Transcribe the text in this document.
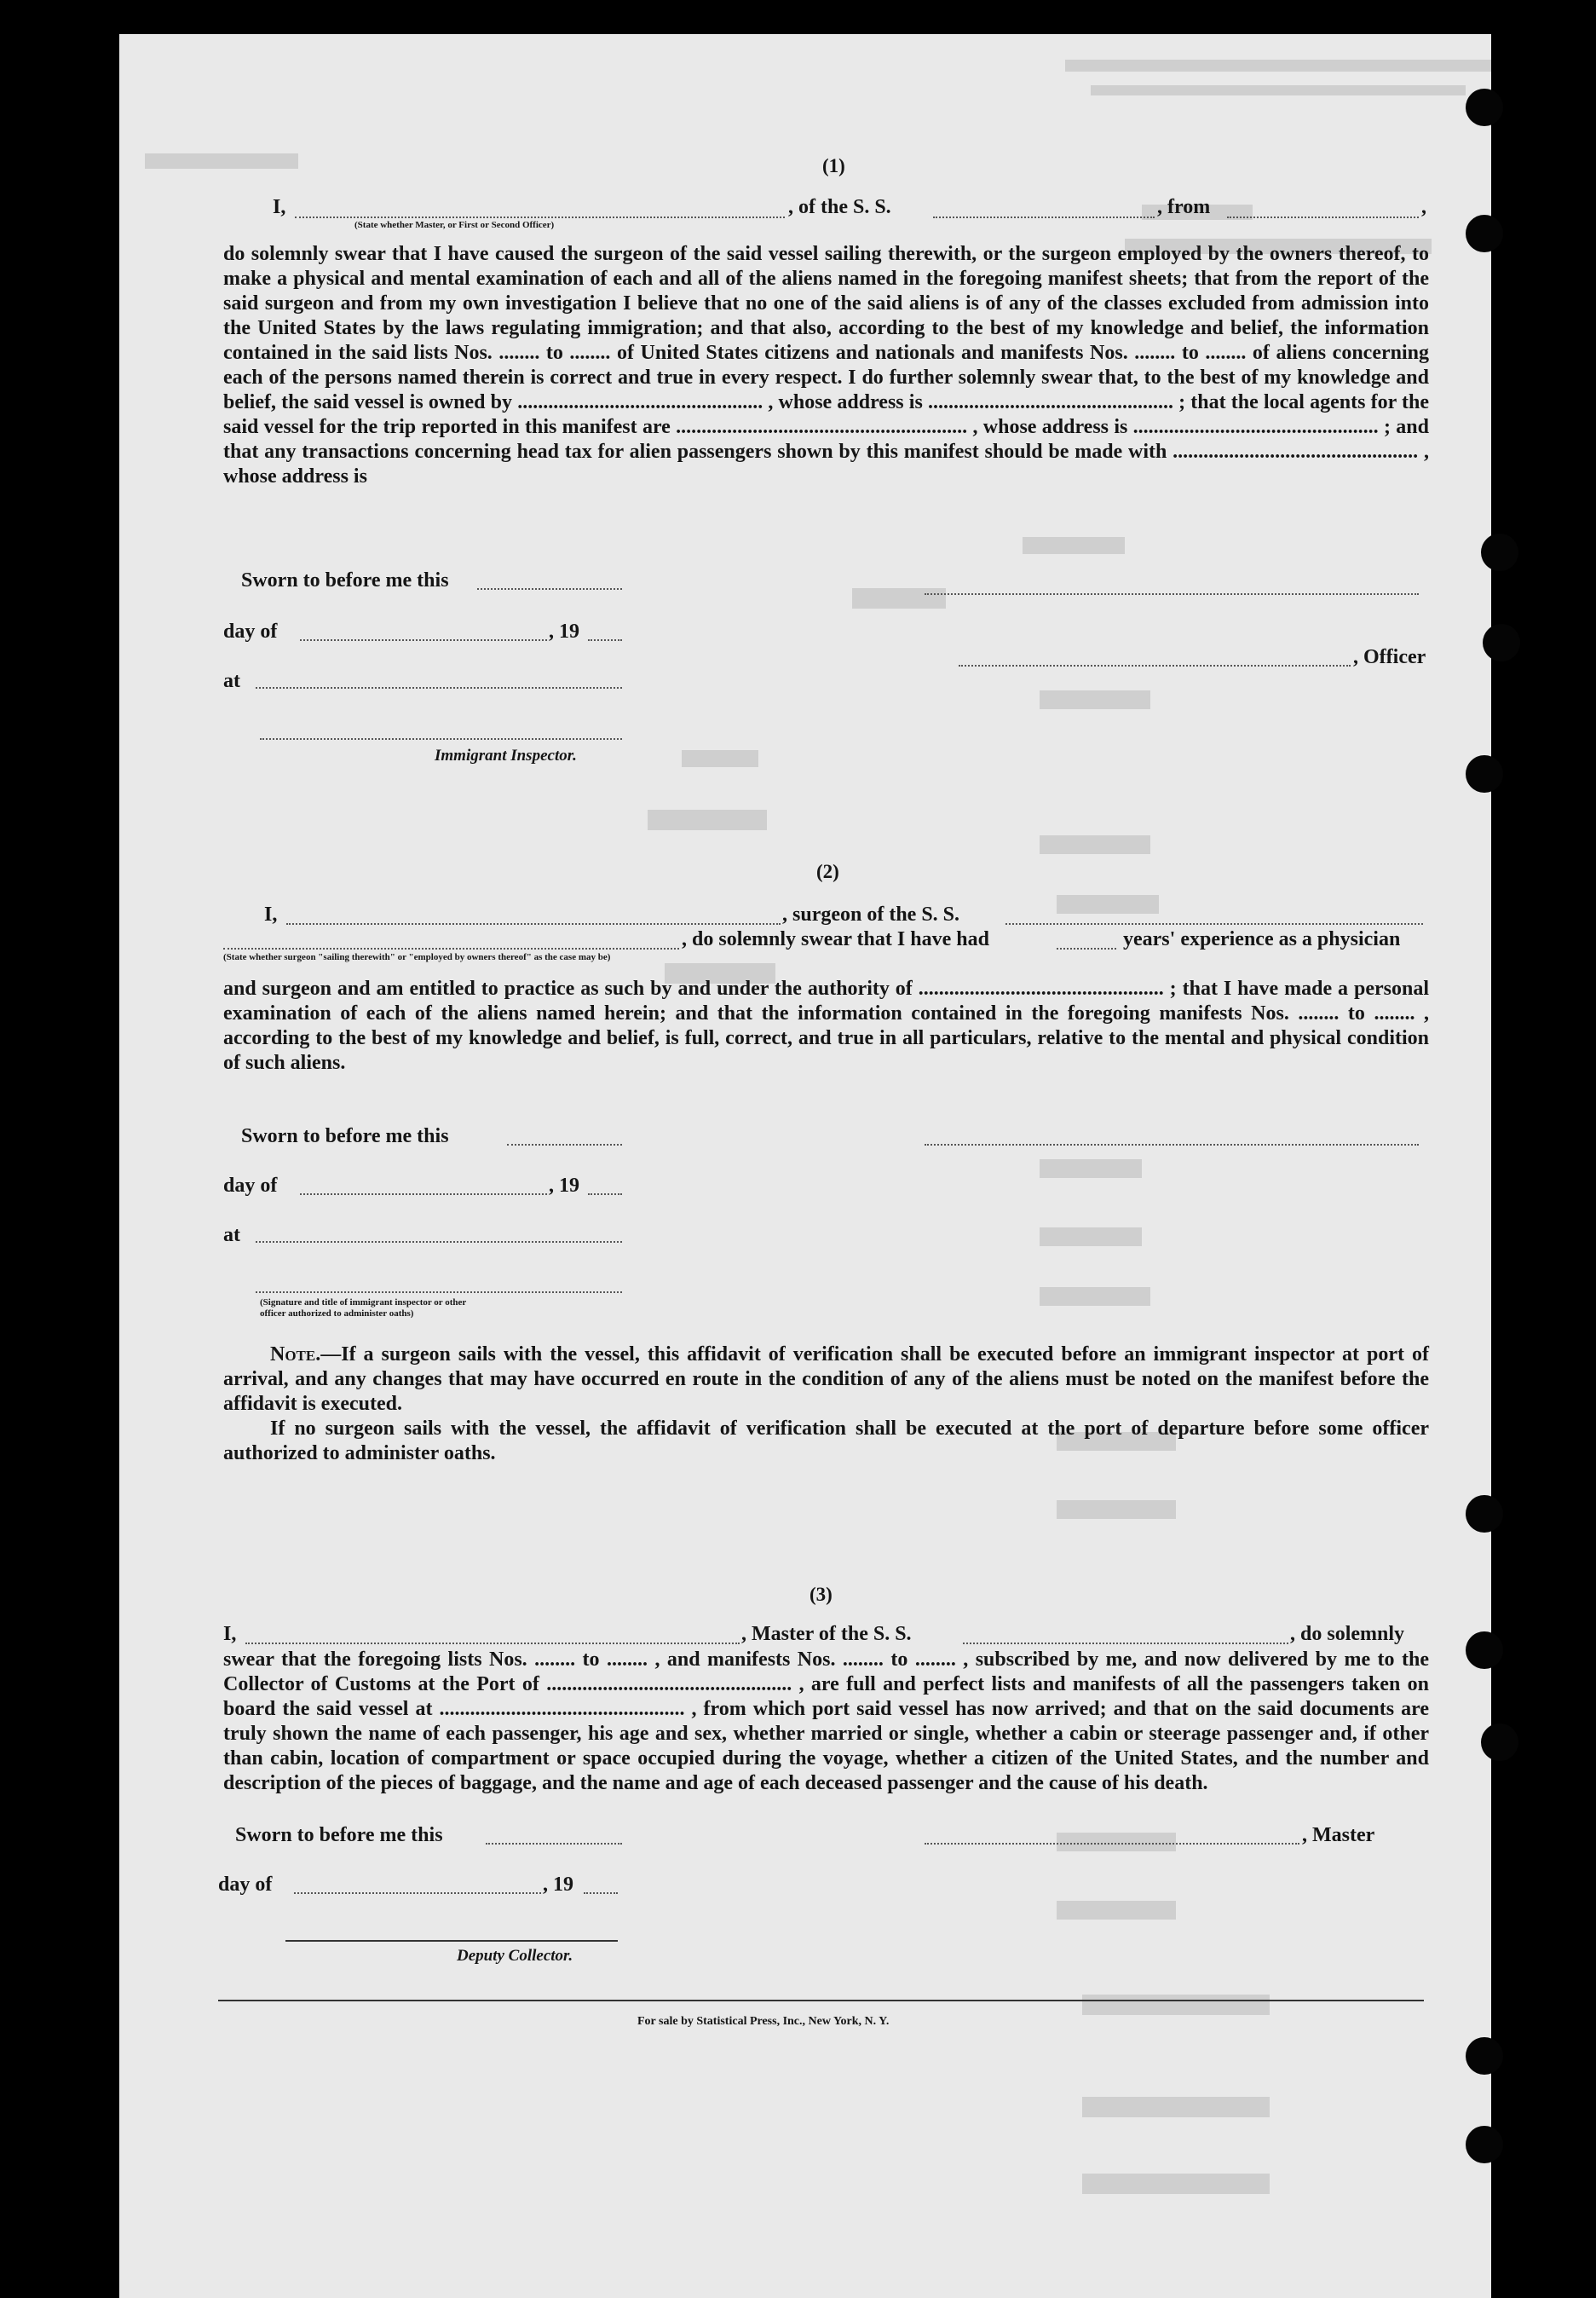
(1)
I,	, of the S. S.	, from	,
(State whether Master, or First or Second Officer)
do solemnly swear that I have caused the surgeon of the said vessel sailing therewith, or the surgeon employed by the owners thereof, to make a physical and mental examination of each and all of the aliens named in the foregoing manifest sheets; that from the report of the said surgeon and from my own investigation I believe that no one of the said aliens is of any of the classes excluded from admission into the United States by the laws regulating immigration; and that also, according to the best of my knowledge and belief, the information contained in the said lists Nos. ........ to ........ of United States citizens and nationals and manifests Nos. ........ to ........ of aliens concerning each of the persons named therein is correct and true in every respect. I do further solemnly swear that, to the best of my knowledge and belief, the said vessel is owned by ................................................ , whose address is ................................................ ; that the local agents for the said vessel for the trip reported in this manifest are ......................................................... , whose address is ................................................ ; and that any transactions concerning head tax for alien passengers shown by this manifest should be made with ................................................ , whose address is
Sworn to before me this
day of	, 19
, Officer
at
Immigrant Inspector.
(2)
I,	, surgeon of the S. S.
, do solemnly swear that I have had	years' experience as a physician
(State whether surgeon "sailing therewith" or "employed by owners thereof" as the case may be)
and surgeon and am entitled to practice as such by and under the authority of ................................................ ; that I have made a personal examination of each of the aliens named herein; and that the information contained in the foregoing manifests Nos. ........ to ........ , according to the best of my knowledge and belief, is full, correct, and true in all particulars, relative to the mental and physical condition of such aliens.
Sworn to before me this
day of	, 19
at
(Signature and title of immigrant inspector or other officer authorized to administer oaths)
Note.—If a surgeon sails with the vessel, this affidavit of verification shall be executed before an immigrant inspector at port of arrival, and any changes that may have occurred en route in the condition of any of the aliens must be noted on the manifest before the affidavit is executed.
If no surgeon sails with the vessel, the affidavit of verification shall be executed at the port of departure before some officer authorized to administer oaths.
(3)
I,	, Master of the S. S.	, do solemnly
swear that the foregoing lists Nos. ........ to ........ , and manifests Nos. ........ to ........ , subscribed by me, and now delivered by me to the Collector of Customs at the Port of ................................................ , are full and perfect lists and manifests of all the passengers taken on board the said vessel at ................................................ , from which port said vessel has now arrived; and that on the said documents are truly shown the name of each passenger, his age and sex, whether married or single, whether a cabin or steerage passenger and, if other than cabin, location of compartment or space occupied during the voyage, whether a citizen of the United States, and the number and description of the pieces of baggage, and the name and age of each deceased passenger and the cause of his death.
Sworn to before me this	, Master
day of	, 19
Deputy Collector.
For sale by Statistical Press, Inc., New York, N. Y.
